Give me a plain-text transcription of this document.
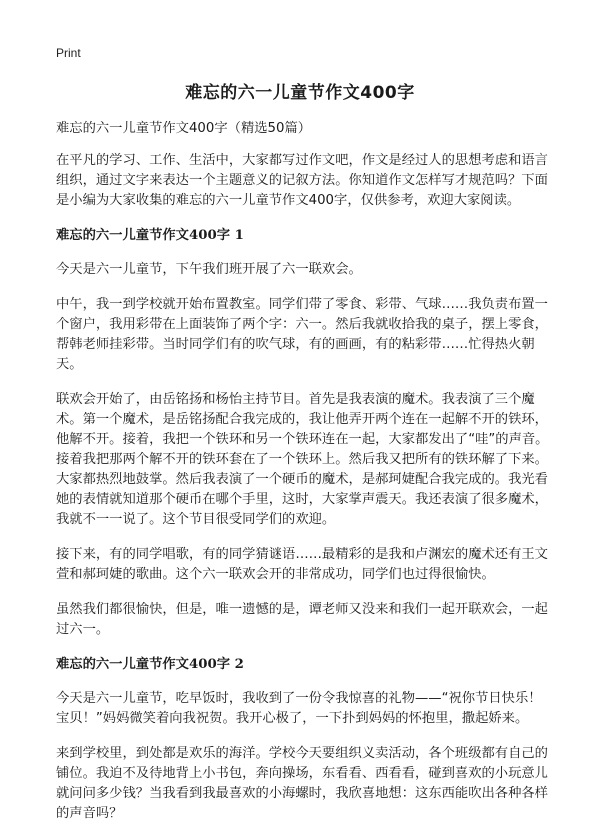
Print
难忘的六一儿童节作文400字

难忘的六一儿童节作文400字（精选50篇）

在平凡的学习、工作、生活中，大家都写过作文吧，作文是经过人的思想考虑和语言组织，通过文字来表达一个主题意义的记叙方法。你知道作文怎样写才规范吗？下面是小编为大家收集的难忘的六一儿童节作文400字，仅供参考，欢迎大家阅读。

难忘的六一儿童节作文400字 1

今天是六一儿童节，下午我们班开展了六一联欢会。

中午，我一到学校就开始布置教室。同学们带了零食、彩带、气球……我负责布置一个窗户，我用彩带在上面装饰了两个字：六一。然后我就收拾我的桌子，摆上零食，帮韩老师挂彩带。当时同学们有的吹气球，有的画画，有的粘彩带……忙得热火朝天。

联欢会开始了，由岳铭扬和杨怡主持节目。首先是我表演的魔术。我表演了三个魔术。第一个魔术，是岳铭扬配合我完成的，我让他弄开两个连在一起解不开的铁环，他解不开。接着，我把一个铁环和另一个铁环连在一起，大家都发出了“哇”的声音。接着我把那两个解不开的铁环套在了一个铁环上。然后我又把所有的铁环解了下来。大家都热烈地鼓掌。然后我表演了一个硬币的魔术，是郝珂婕配合我完成的。我光看她的表情就知道那个硬币在哪个手里，这时，大家掌声震天。我还表演了很多魔术，我就不一一说了。这个节目很受同学们的欢迎。

接下来，有的同学唱歌，有的同学猜谜语……最精彩的是我和卢渊宏的魔术还有王文萱和郝珂婕的歌曲。这个六一联欢会开的非常成功，同学们也过得很愉快。

虽然我们都很愉快，但是，唯一遗憾的是，谭老师又没来和我们一起开联欢会，一起过六一。

难忘的六一儿童节作文400字 2

今天是六一儿童节，吃早饭时，我收到了一份令我惊喜的礼物——“祝你节日快乐！宝贝！”妈妈微笑着向我祝贺。我开心极了，一下扑到妈妈的怀抱里，撒起娇来。

来到学校里，到处都是欢乐的海洋。学校今天要组织义卖活动，各个班级都有自己的铺位。我迫不及待地背上小书包，奔向操场，东看看、西看看，碰到喜欢的小玩意儿就问问多少钱？当我看到我最喜欢的小海螺时，我欣喜地想：这东西能吹出各种各样的声音吗？
